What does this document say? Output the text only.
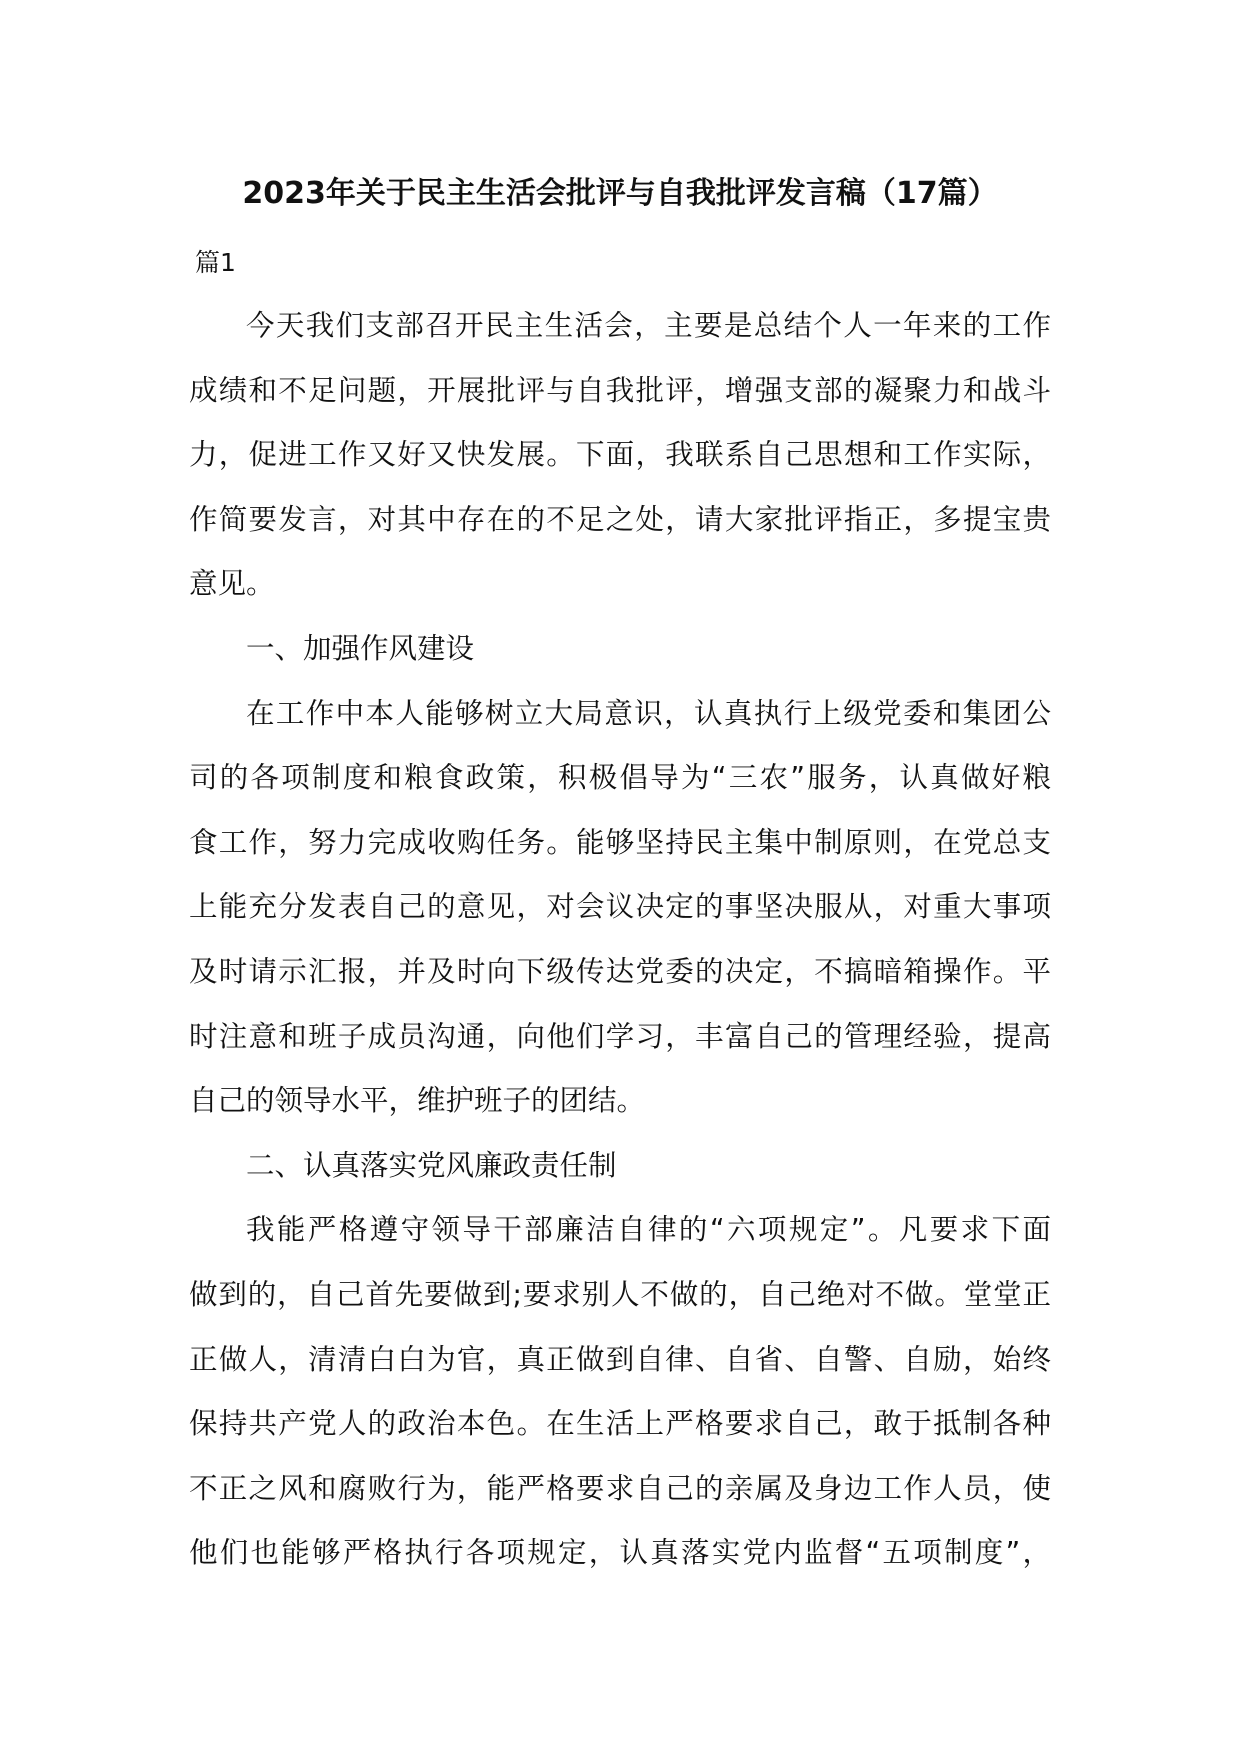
2023年关于民主生活会批评与自我批评发言稿（17篇）
篇1
今天我们支部召开民主生活会，主要是总结个人一年来的工作
成绩和不足问题，开展批评与自我批评，增强支部的凝聚力和战斗
力，促进工作又好又快发展。下面，我联系自己思想和工作实际，
作简要发言，对其中存在的不足之处，请大家批评指正，多提宝贵
意见。
一、加强作风建设
在工作中本人能够树立大局意识，认真执行上级党委和集团公
司的各项制度和粮食政策，积极倡导为“三农”服务，认真做好粮
食工作，努力完成收购任务。能够坚持民主集中制原则，在党总支
上能充分发表自己的意见，对会议决定的事坚决服从，对重大事项
及时请示汇报，并及时向下级传达党委的决定，不搞暗箱操作。平
时注意和班子成员沟通，向他们学习，丰富自己的管理经验，提高
自己的领导水平，维护班子的团结。
二、认真落实党风廉政责任制
我能严格遵守领导干部廉洁自律的“六项规定”。凡要求下面
做到的，自己首先要做到;要求别人不做的，自己绝对不做。堂堂正
正做人，清清白白为官，真正做到自律、自省、自警、自励，始终
保持共产党人的政治本色。在生活上严格要求自己，敢于抵制各种
不正之风和腐败行为，能严格要求自己的亲属及身边工作人员，使
他们也能够严格执行各项规定，认真落实党内监督“五项制度”，
